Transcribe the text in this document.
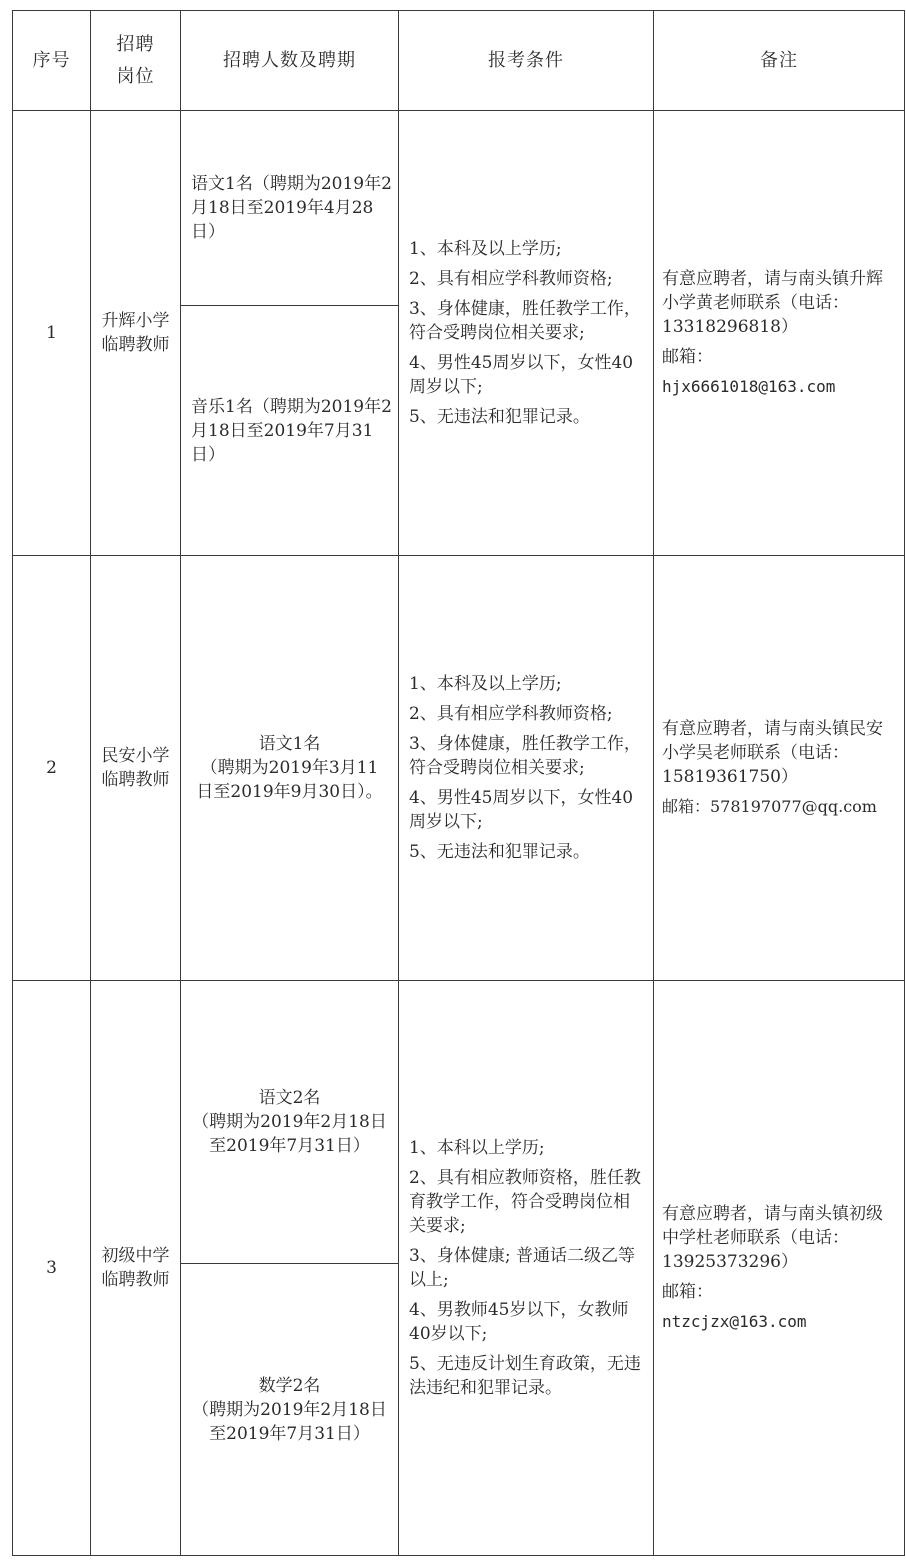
序号
招聘岗位
招聘人数及聘期	报考条件	备注
1
升辉小学临聘教师
语文1名（聘期为2019年2月18日至2019年4月28日）
音乐1名（聘期为2019年2月18日至2019年7月31日）
1、本科及以上学历;
2、具有相应学科教师资格;
3、身体健康，胜任教学工作，符合受聘岗位相关要求;
4、男性45周岁以下，女性40周岁以下;
5、无违法和犯罪记录。
有意应聘者，请与南头镇升辉小学黄老师联系（电话：13318296818）
邮箱：
hjx6661018@163.com
2
民安小学临聘教师
语文1名
（聘期为2019年3月11日至2019年9月30日）。
1、本科及以上学历;
2、具有相应学科教师资格;
3、身体健康，胜任教学工作，符合受聘岗位相关要求;
4、男性45周岁以下，女性40周岁以下;
5、无违法和犯罪记录。
有意应聘者，请与南头镇民安小学吴老师联系（电话：15819361750）
邮箱：578197077@qq.com
3
初级中学临聘教师
语文2名
（聘期为2019年2月18日至2019年7月31日）
数学2名
（聘期为2019年2月18日至2019年7月31日）
1、本科以上学历;
2、具有相应教师资格，胜任教育教学工作，符合受聘岗位相关要求;
3、身体健康; 普通话二级乙等以上;
4、男教师45岁以下，女教师40岁以下;
5、无违反计划生育政策，无违法违纪和犯罪记录。
有意应聘者，请与南头镇初级中学杜老师联系（电话：13925373296）
邮箱：
ntzcjzx@163.com
